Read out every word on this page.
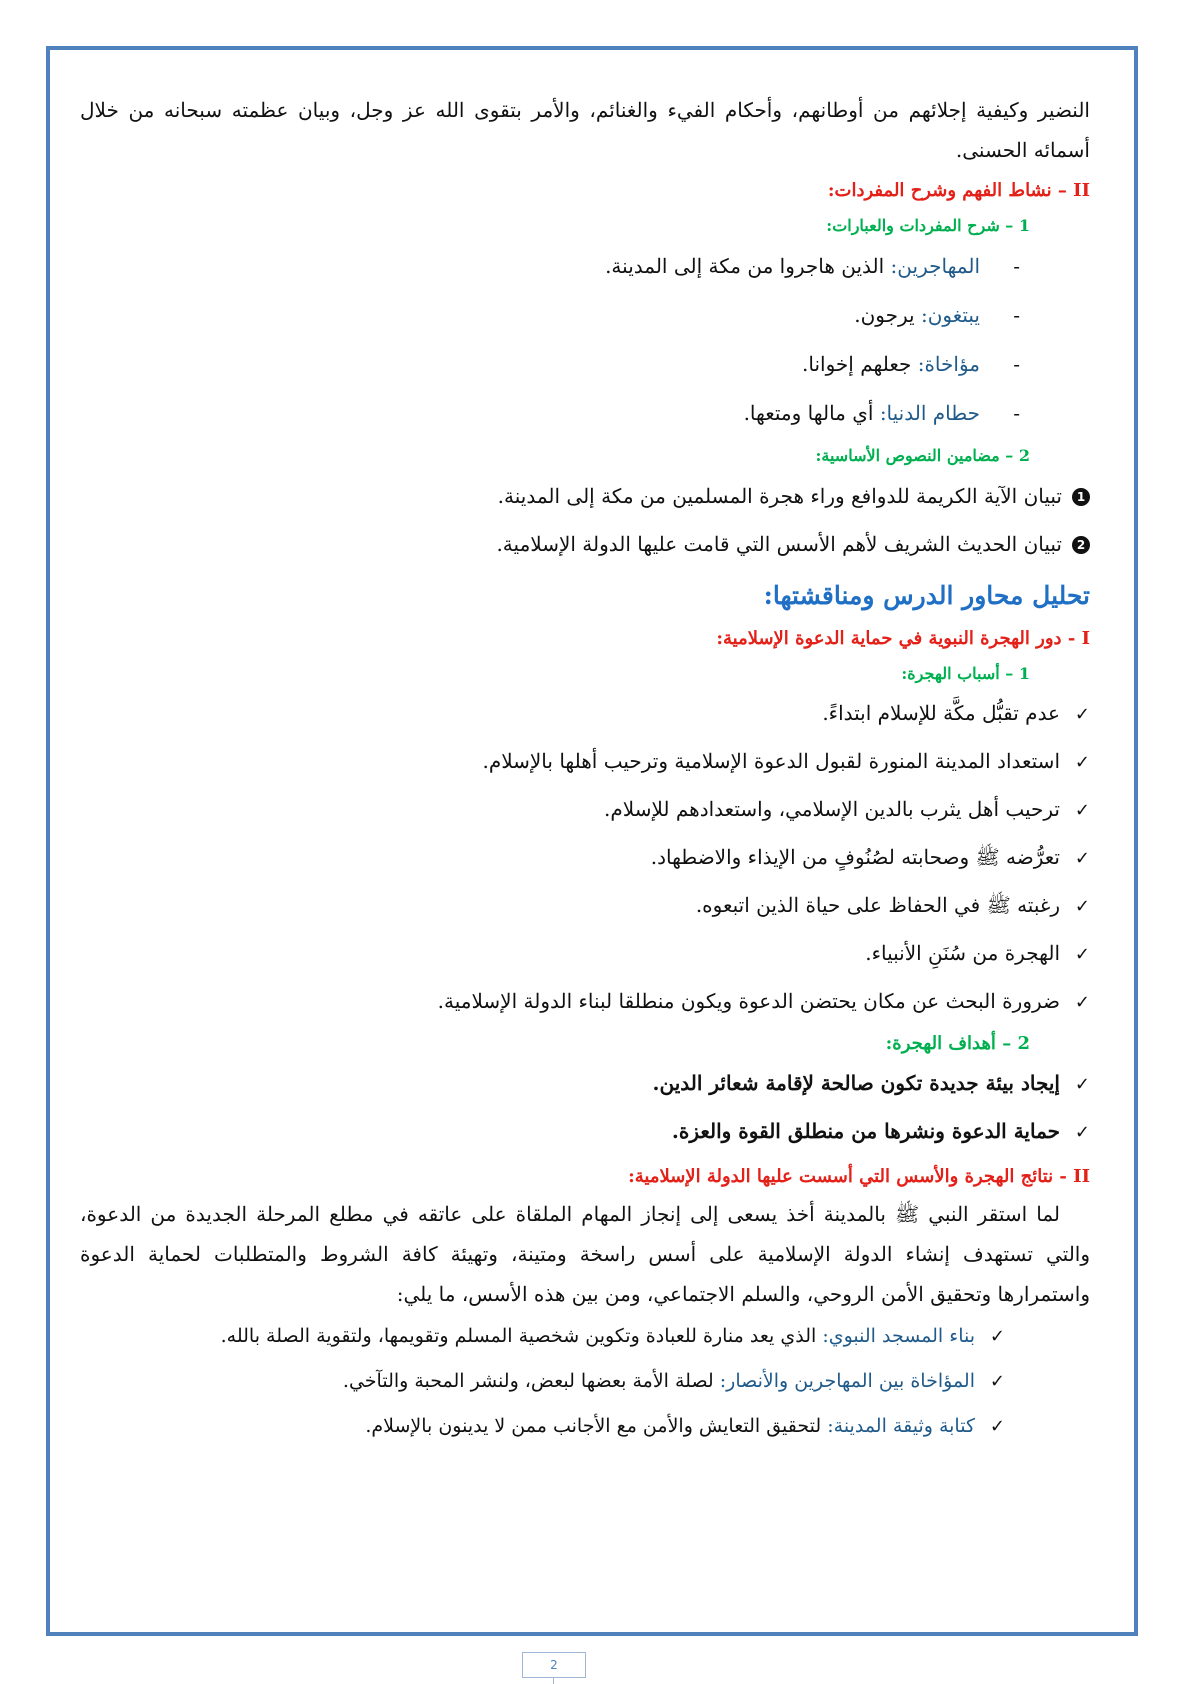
النضير وكيفية إجلائهم من أوطانهم، وأحكام الفيء والغنائم، والأمر بتقوى الله عز وجل، وبيان عظمته سبحانه من خلال أسمائه الحسنى.

II – نشاط الفهم وشرح المفردات:
1 – شرح المفردات والعبارات:
-المهاجرين: الذين هاجروا من مكة إلى المدينة.
-يبتغون: يرجون.
-مؤاخاة: جعلهم إخوانا.
-حطام الدنيا: أي مالها ومتعها.
2 – مضامين النصوص الأساسية:
1تبيان الآية الكريمة للدوافع وراء هجرة المسلمين من مكة إلى المدينة.
2تبيان الحديث الشريف لأهم الأسس التي قامت عليها الدولة الإسلامية.
تحليل محاور الدرس ومناقشتها:
I - دور الهجرة النبوية في حماية الدعوة الإسلامية:
1 – أسباب الهجرة:
✓عدم تقبُّل مكَّة للإسلام ابتداءً.
✓استعداد المدينة المنورة لقبول الدعوة الإسلامية وترحيب أهلها بالإسلام.
✓ترحيب أهل يثرب بالدين الإسلامي، واستعدادهم للإسلام.
✓تعرُّضه ﷺ وصحابته لصُنُوفٍ من الإيذاء والاضطهاد.
✓رغبته ﷺ في الحفاظ على حياة الذين اتبعوه.
✓الهجرة من سُنَنِ الأنبياء.
✓ضرورة البحث عن مكان يحتضن الدعوة ويكون منطلقا لبناء الدولة الإسلامية.
2 – أهداف الهجرة:
✓إيجاد بيئة جديدة تكون صالحة لإقامة شعائر الدين.
✓حماية الدعوة ونشرها من منطلق القوة والعزة.
II - نتائج الهجرة والأسس التي أسست عليها الدولة الإسلامية:

لما استقر النبي ﷺ بالمدينة أخذ يسعى إلى إنجاز المهام الملقاة على عاتقه في مطلع المرحلة الجديدة من الدعوة، والتي تستهدف إنشاء الدولة الإسلامية على أسس راسخة ومتينة، وتهيئة كافة الشروط والمتطلبات لحماية الدعوة واستمرارها وتحقيق الأمن الروحي، والسلم الاجتماعي، ومن بين هذه الأسس، ما يلي:

✓بناء المسجد النبوي: الذي يعد منارة للعبادة وتكوين شخصية المسلم وتقويمها، ولتقوية الصلة بالله.
✓المؤاخاة بين المهاجرين والأنصار: لصلة الأمة بعضها لبعض، ولنشر المحبة والتآخي.
✓كتابة وثيقة المدينة: لتحقيق التعايش والأمن مع الأجانب ممن لا يدينون بالإسلام.
2
